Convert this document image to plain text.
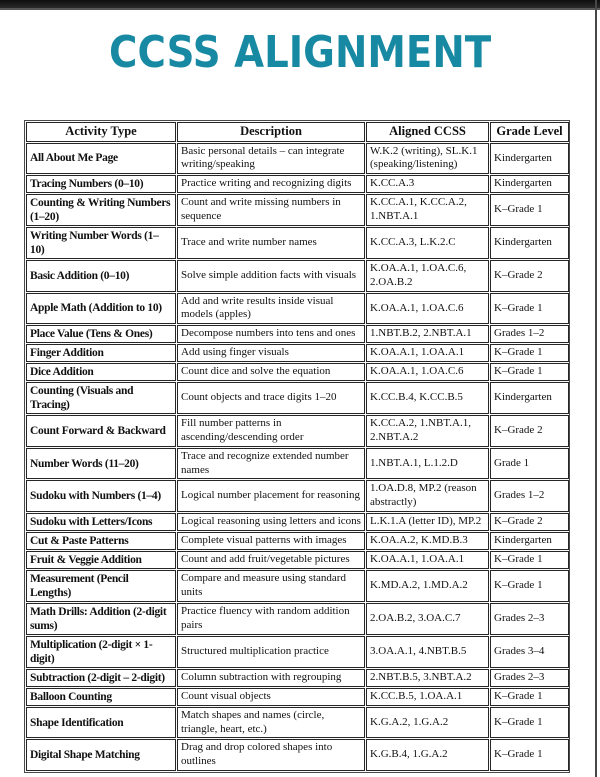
CCSS ALIGNMENT
Activity Type	Description	Aligned CCSS	Grade Level
All About Me Page	Basic personal details – can integrate writing/speaking	W.K.2 (writing), SL.K.1 (speaking/listening)	Kindergarten
Tracing Numbers (0–10)	Practice writing and recognizing digits	K.CC.A.3	Kindergarten
Counting & Writing Numbers (1–20)	Count and write missing numbers in sequence	K.CC.A.1, K.CC.A.2, 1.NBT.A.1	K–Grade 1
Writing Number Words (1–10)	Trace and write number names	K.CC.A.3, L.K.2.C	Kindergarten
Basic Addition (0–10)	Solve simple addition facts with visuals	K.OA.A.1, 1.OA.C.6, 2.OA.B.2	K–Grade 2
Apple Math (Addition to 10)	Add and write results inside visual models (apples)	K.OA.A.1, 1.OA.C.6	K–Grade 1
Place Value (Tens & Ones)	Decompose numbers into tens and ones	1.NBT.B.2, 2.NBT.A.1	Grades 1–2
Finger Addition	Add using finger visuals	K.OA.A.1, 1.OA.A.1	K–Grade 1
Dice Addition	Count dice and solve the equation	K.OA.A.1, 1.OA.C.6	K–Grade 1
Counting (Visuals and Tracing)	Count objects and trace digits 1–20	K.CC.B.4, K.CC.B.5	Kindergarten
Count Forward & Backward	Fill number patterns in ascending/descending order	K.CC.A.2, 1.NBT.A.1, 2.NBT.A.2	K–Grade 2
Number Words (11–20)	Trace and recognize extended number names	1.NBT.A.1, L.1.2.D	Grade 1
Sudoku with Numbers (1–4)	Logical number placement for reasoning	1.OA.D.8, MP.2 (reason abstractly)	Grades 1–2
Sudoku with Letters/Icons	Logical reasoning using letters and icons	L.K.1.A (letter ID), MP.2	K–Grade 2
Cut & Paste Patterns	Complete visual patterns with images	K.OA.A.2, K.MD.B.3	Kindergarten
Fruit & Veggie Addition	Count and add fruit/vegetable pictures	K.OA.A.1, 1.OA.A.1	K–Grade 1
Measurement (Pencil Lengths)	Compare and measure using standard units	K.MD.A.2, 1.MD.A.2	K–Grade 1
Math Drills: Addition (2-digit sums)	Practice fluency with random addition pairs	2.OA.B.2, 3.OA.C.7	Grades 2–3
Multiplication (2-digit × 1-digit)	Structured multiplication practice	3.OA.A.1, 4.NBT.B.5	Grades 3–4
Subtraction (2-digit – 2-digit)	Column subtraction with regrouping	2.NBT.B.5, 3.NBT.A.2	Grades 2–3
Balloon Counting	Count visual objects	K.CC.B.5, 1.OA.A.1	K–Grade 1
Shape Identification	Match shapes and names (circle, triangle, heart, etc.)	K.G.A.2, 1.G.A.2	K–Grade 1
Digital Shape Matching	Drag and drop colored shapes into outlines	K.G.B.4, 1.G.A.2	K–Grade 1
